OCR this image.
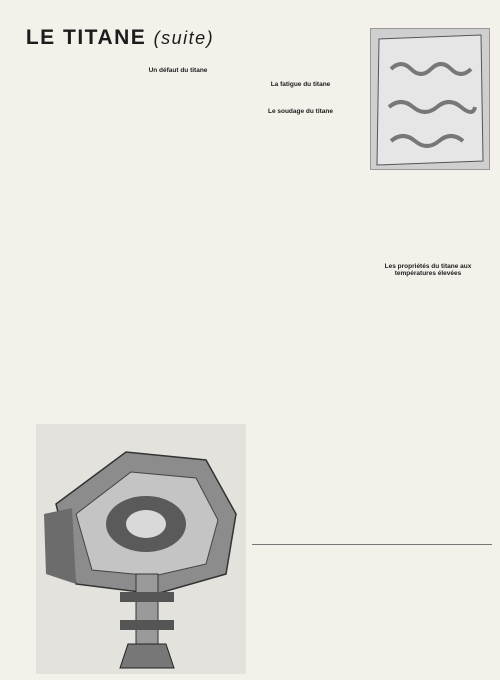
LE TITANE (suite)

Un défaut du titane

La fatigue du titane

Le soudage du titane

Les propriétés du titane aux températures élevées
